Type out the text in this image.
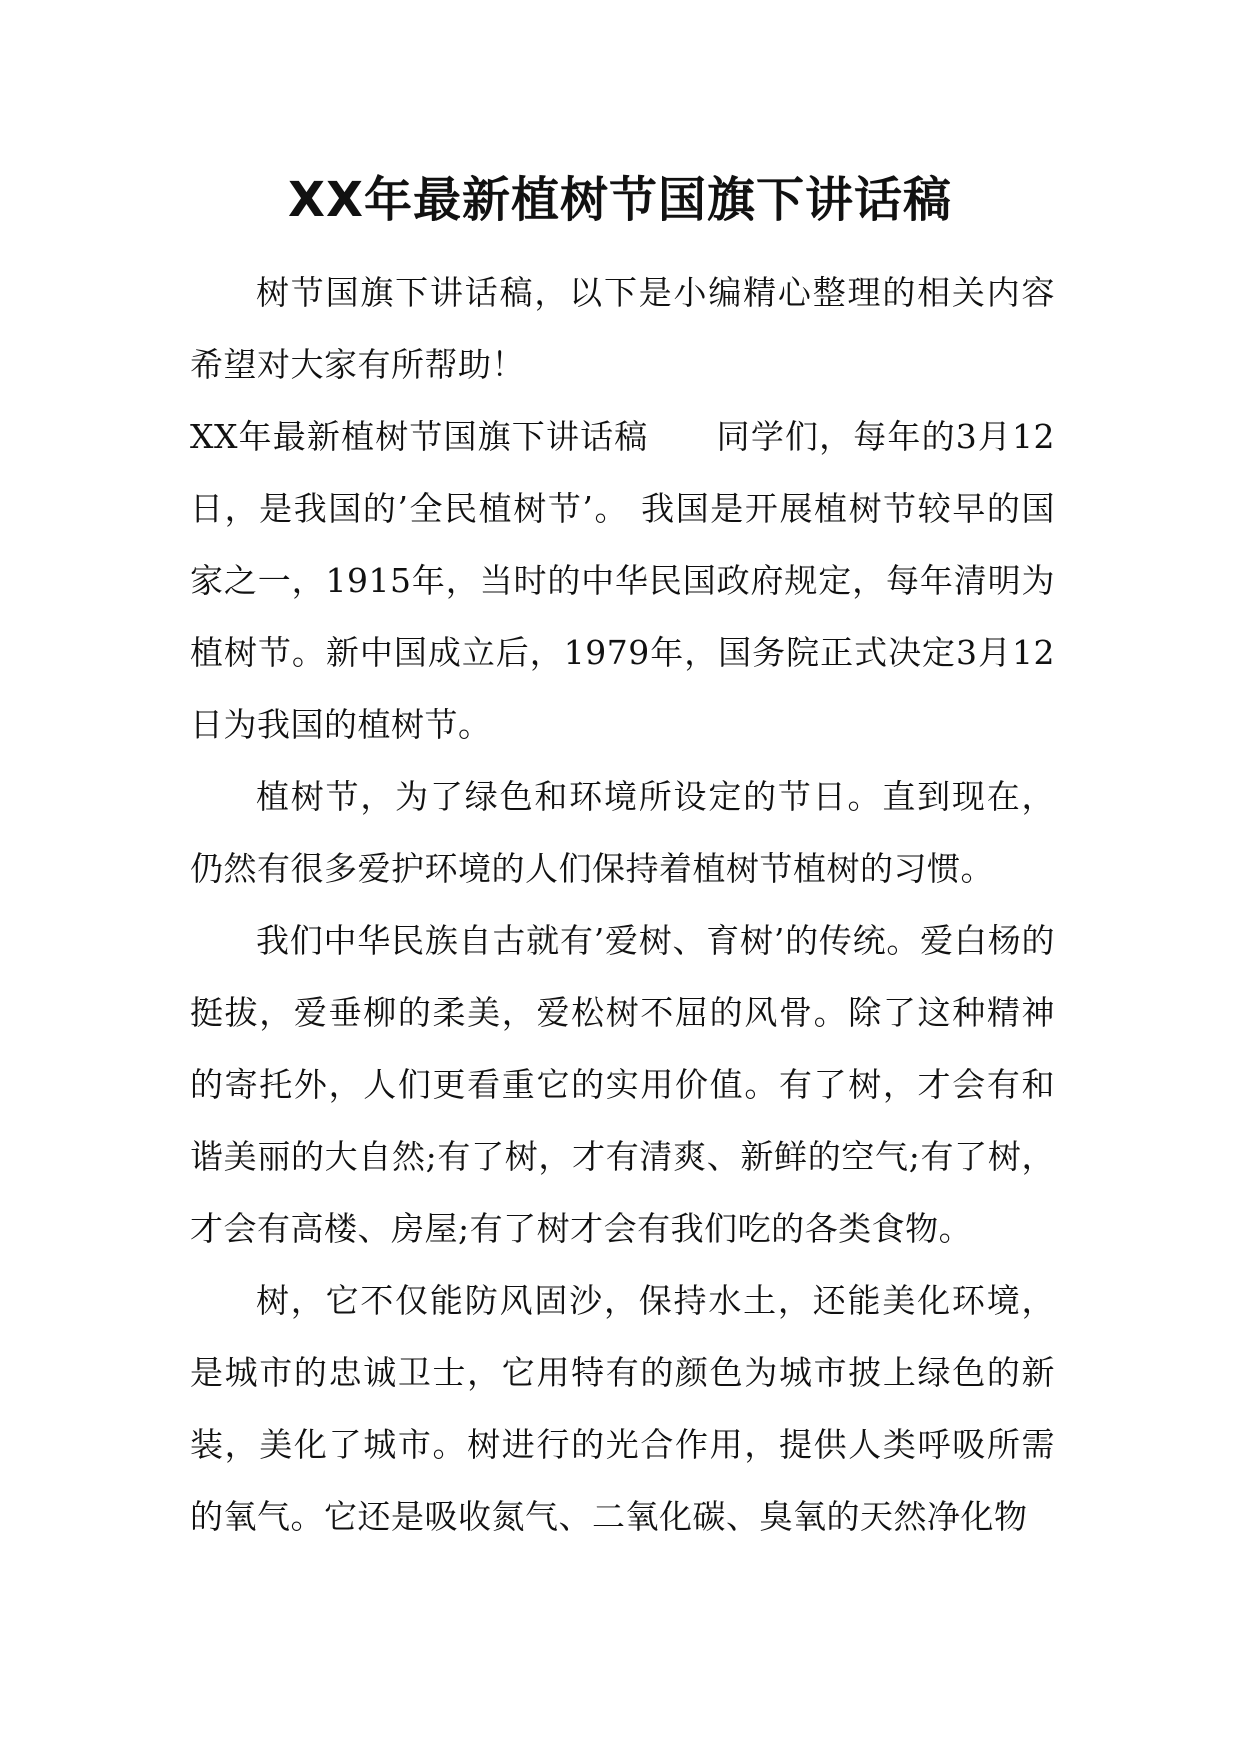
XX年最新植树节国旗下讲话稿

树节国旗下讲话稿，以下是小编精心整理的相关内容希望对大家有所帮助！

XX年最新植树节国旗下讲话稿　　同学们，每年的3月12日，是我国的’全民植树节’。 我国是开展植树节较早的国家之一，1915年，当时的中华民国政府规定，每年清明为植树节。新中国成立后，1979年，国务院正式决定3月12日为我国的植树节。

植树节，为了绿色和环境所设定的节日。直到现在，仍然有很多爱护环境的人们保持着植树节植树的习惯。

我们中华民族自古就有’爱树、育树’的传统。爱白杨的挺拔，爱垂柳的柔美，爱松树不屈的风骨。除了这种精神的寄托外，人们更看重它的实用价值。有了树，才会有和谐美丽的大自然;有了树，才有清爽、新鲜的空气;有了树，才会有高楼、房屋;有了树才会有我们吃的各类食物。

树，它不仅能防风固沙，保持水土，还能美化环境，是城市的忠诚卫士，它用特有的颜色为城市披上绿色的新装，美化了城市。树进行的光合作用，提供人类呼吸所需的氧气。它还是吸收氮气、二氧化碳、臭氧的天然净化物
